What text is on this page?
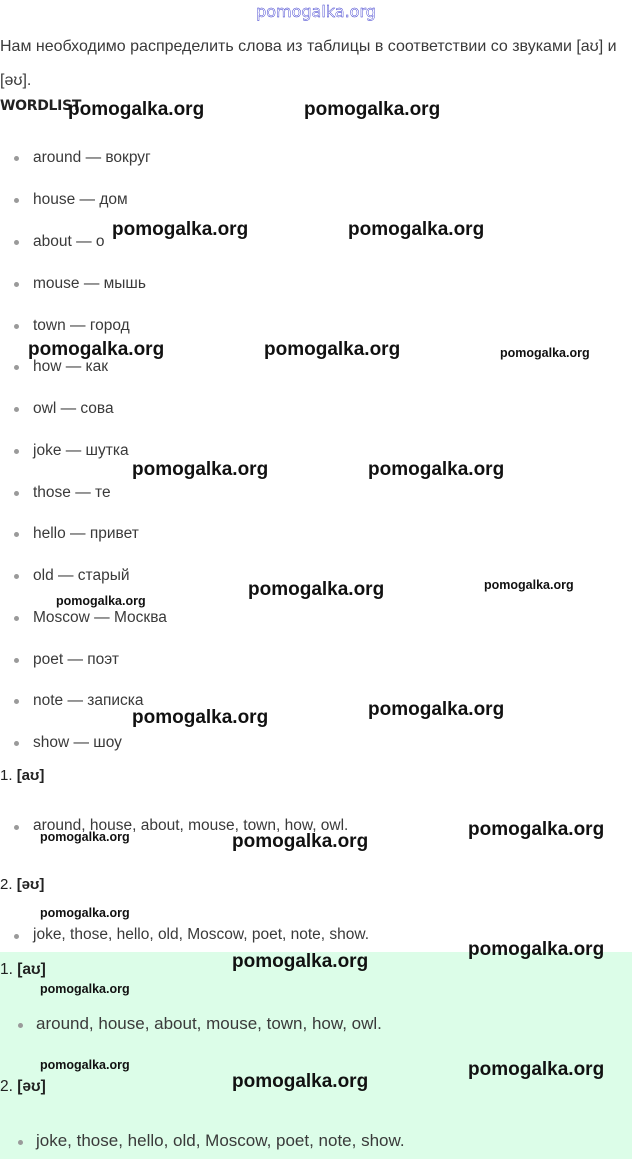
pomogalka.org
Нам необходимо распределить слова из таблицы в соответствии со звуками [aʊ] и [əʊ].
WORDLIST
around — вокруг
house — дом
about — о
mouse — мышь
town — город
how — как
owl — сова
joke — шутка
those — те
hello — привет
old — старый
Moscow — Москва
poet — поэт
note — записка
show — шоу
1. [aʊ]
around, house, about, mouse, town, how, owl.
2. [əʊ]
joke, those, hello, old, Moscow, poet, note, show.
1. [aʊ]
around, house, about, mouse, town, how, owl.
2. [əʊ]
joke, those, hello, old, Moscow, poet, note, show.
pomogalka.org	pomogalka.org
pomogalka.org	pomogalka.org
pomogalka.org	pomogalka.org	pomogalka.org
pomogalka.org	pomogalka.org
pomogalka.org	pomogalka.org
pomogalka.org
pomogalka.org	pomogalka.org
pomogalka.org
pomogalka.org	pomogalka.org
pomogalka.org
pomogalka.org
pomogalka.org
pomogalka.org
pomogalka.org	pomogalka.org
pomogalka.org
